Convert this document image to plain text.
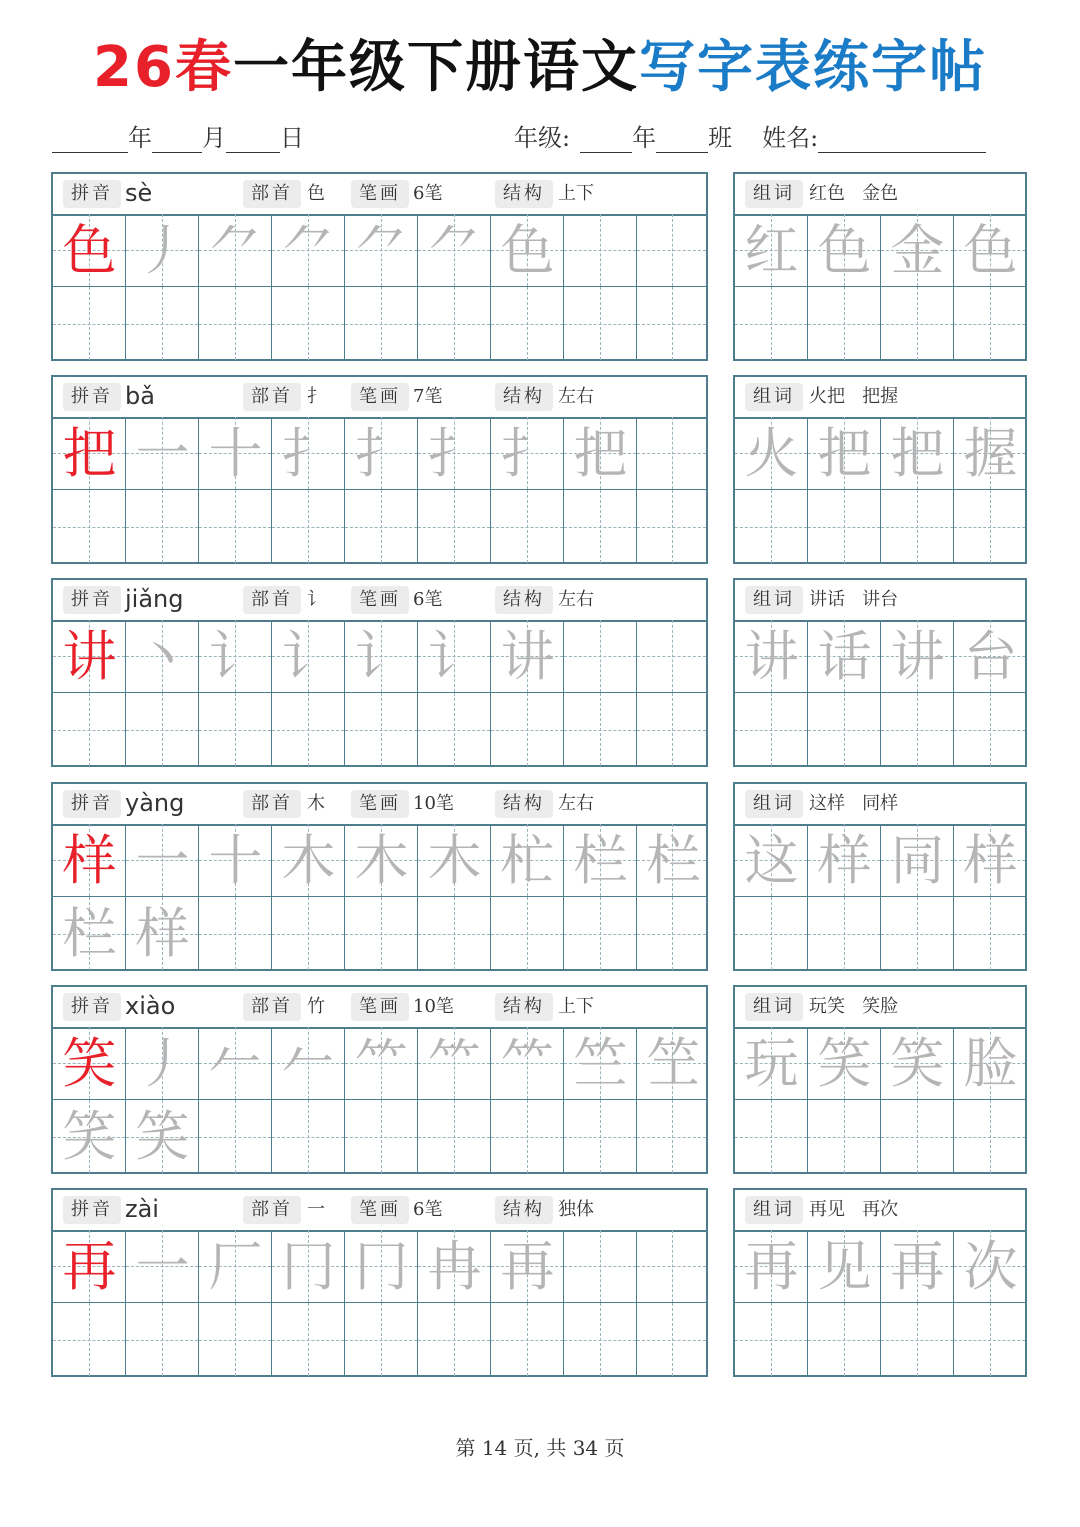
26春一年级下册语文写字表练字帖
年 月 日	年级:	年 班 姓名:
拼音 sè	部首 色	笔画 6笔	结构 上下
色 丿 ⺈ ⺈ ⺈ ⺈ 色
组词 红色   金色
红 色 金 色
拼音 bǎ	部首 扌	笔画 7笔	结构 左右
把 一 十 扌 扌 扌 扌 把
组词 火把   把握
火 把 把 握
拼音 jiǎng	部首 讠	笔画 6笔	结构 左右
讲 丶 讠 讠 讠 讠 讲
组词 讲话   讲台
讲 话 讲 台
拼音 yàng	部首 木	笔画 10笔	结构 左右
样 一 十 木 木 木 杧 栏 栏
栏 样
组词 这样   同样
这 样 同 样
拼音 xiào	部首 竹	笔画 10笔	结构 上下
笑 丿 𠂉 𠂉 ⺮ ⺮ ⺮ 竺 笁
笑 笑
组词 玩笑   笑脸
玩 笑 笑 脸
拼音 zài	部首 一	笔画 6笔	结构 独体
再 一 厂 冂 冂 冉 再
组词 再见   再次
再 见 再 次
第 14 页, 共 34 页
